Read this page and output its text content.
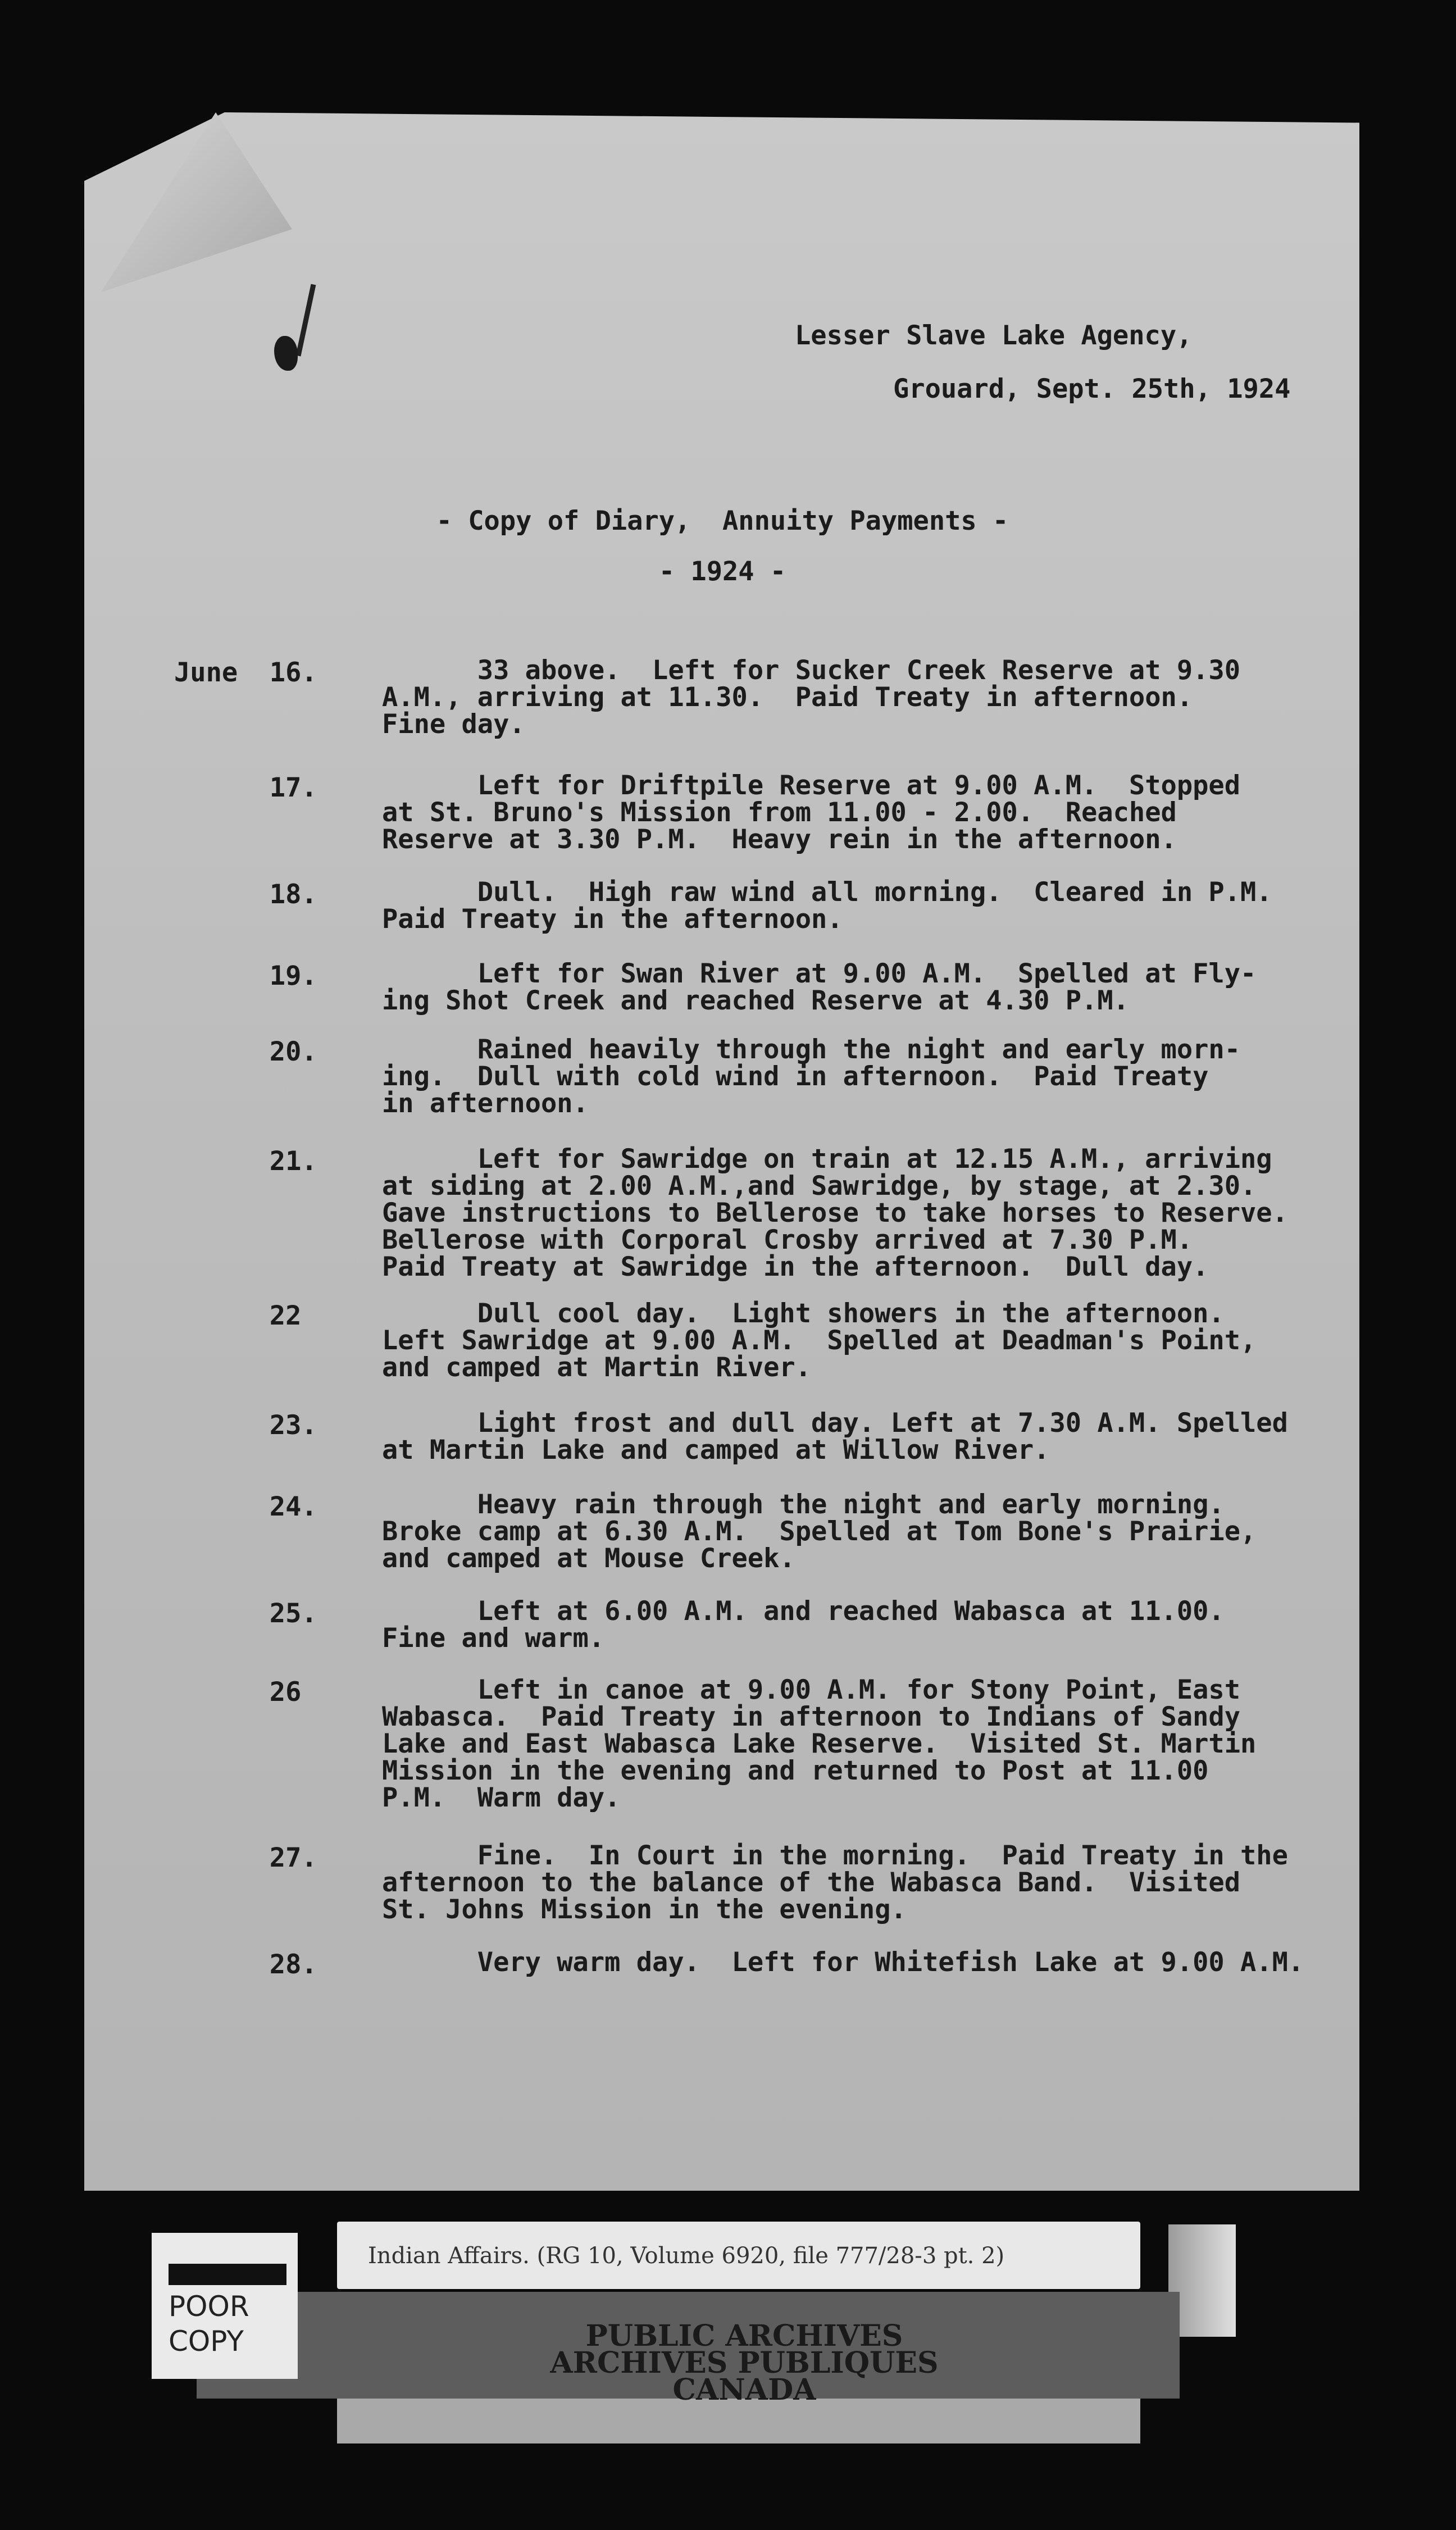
Lesser Slave Lake Agency,
Grouard, Sept. 25th, 1924
- Copy of Diary,  Annuity Payments -
- 1924 -
June  16.	33 above.  Left for Sucker Creek Reserve at 9.30
A.M., arriving at 11.30.  Paid Treaty in afternoon.
Fine day.
17.	Left for Driftpile Reserve at 9.00 A.M.  Stopped
at St. Bruno's Mission from 11.00 - 2.00.  Reached
Reserve at 3.30 P.M.  Heavy rein in the afternoon.
18.	Dull.  High raw wind all morning.  Cleared in P.M.
Paid Treaty in the afternoon.
19.	Left for Swan River at 9.00 A.M.  Spelled at Fly-
ing Shot Creek and reached Reserve at 4.30 P.M.
20.	Rained heavily through the night and early morn-
ing.  Dull with cold wind in afternoon.  Paid Treaty
in afternoon.
21.	Left for Sawridge on train at 12.15 A.M., arriving
at siding at 2.00 A.M.,and Sawridge, by stage, at 2.30.
Gave instructions to Bellerose to take horses to Reserve.
Bellerose with Corporal Crosby arrived at 7.30 P.M.
Paid Treaty at Sawridge in the afternoon.  Dull day.
22	Dull cool day.  Light showers in the afternoon.
Left Sawridge at 9.00 A.M.  Spelled at Deadman's Point,
and camped at Martin River.
23.	Light frost and dull day. Left at 7.30 A.M. Spelled
at Martin Lake and camped at Willow River.
24.	Heavy rain through the night and early morning.
Broke camp at 6.30 A.M.  Spelled at Tom Bone's Prairie,
and camped at Mouse Creek.
25.	Left at 6.00 A.M. and reached Wabasca at 11.00.
Fine and warm.
26	Left in canoe at 9.00 A.M. for Stony Point, East
Wabasca.  Paid Treaty in afternoon to Indians of Sandy
Lake and East Wabasca Lake Reserve.  Visited St. Martin
Mission in the evening and returned to Post at 11.00
P.M.  Warm day.
27.	Fine.  In Court in the morning.  Paid Treaty in the
afternoon to the balance of the Wabasca Band.  Visited
St. Johns Mission in the evening.
28.	Very warm day.  Left for Whitefish Lake at 9.00 A.M.
Indian Affairs. (RG 10, Volume 6920, file 777/28-3 pt. 2)
PUBLIC ARCHIVES
ARCHIVES PUBLIQUES
CANADA
POOR
COPY
